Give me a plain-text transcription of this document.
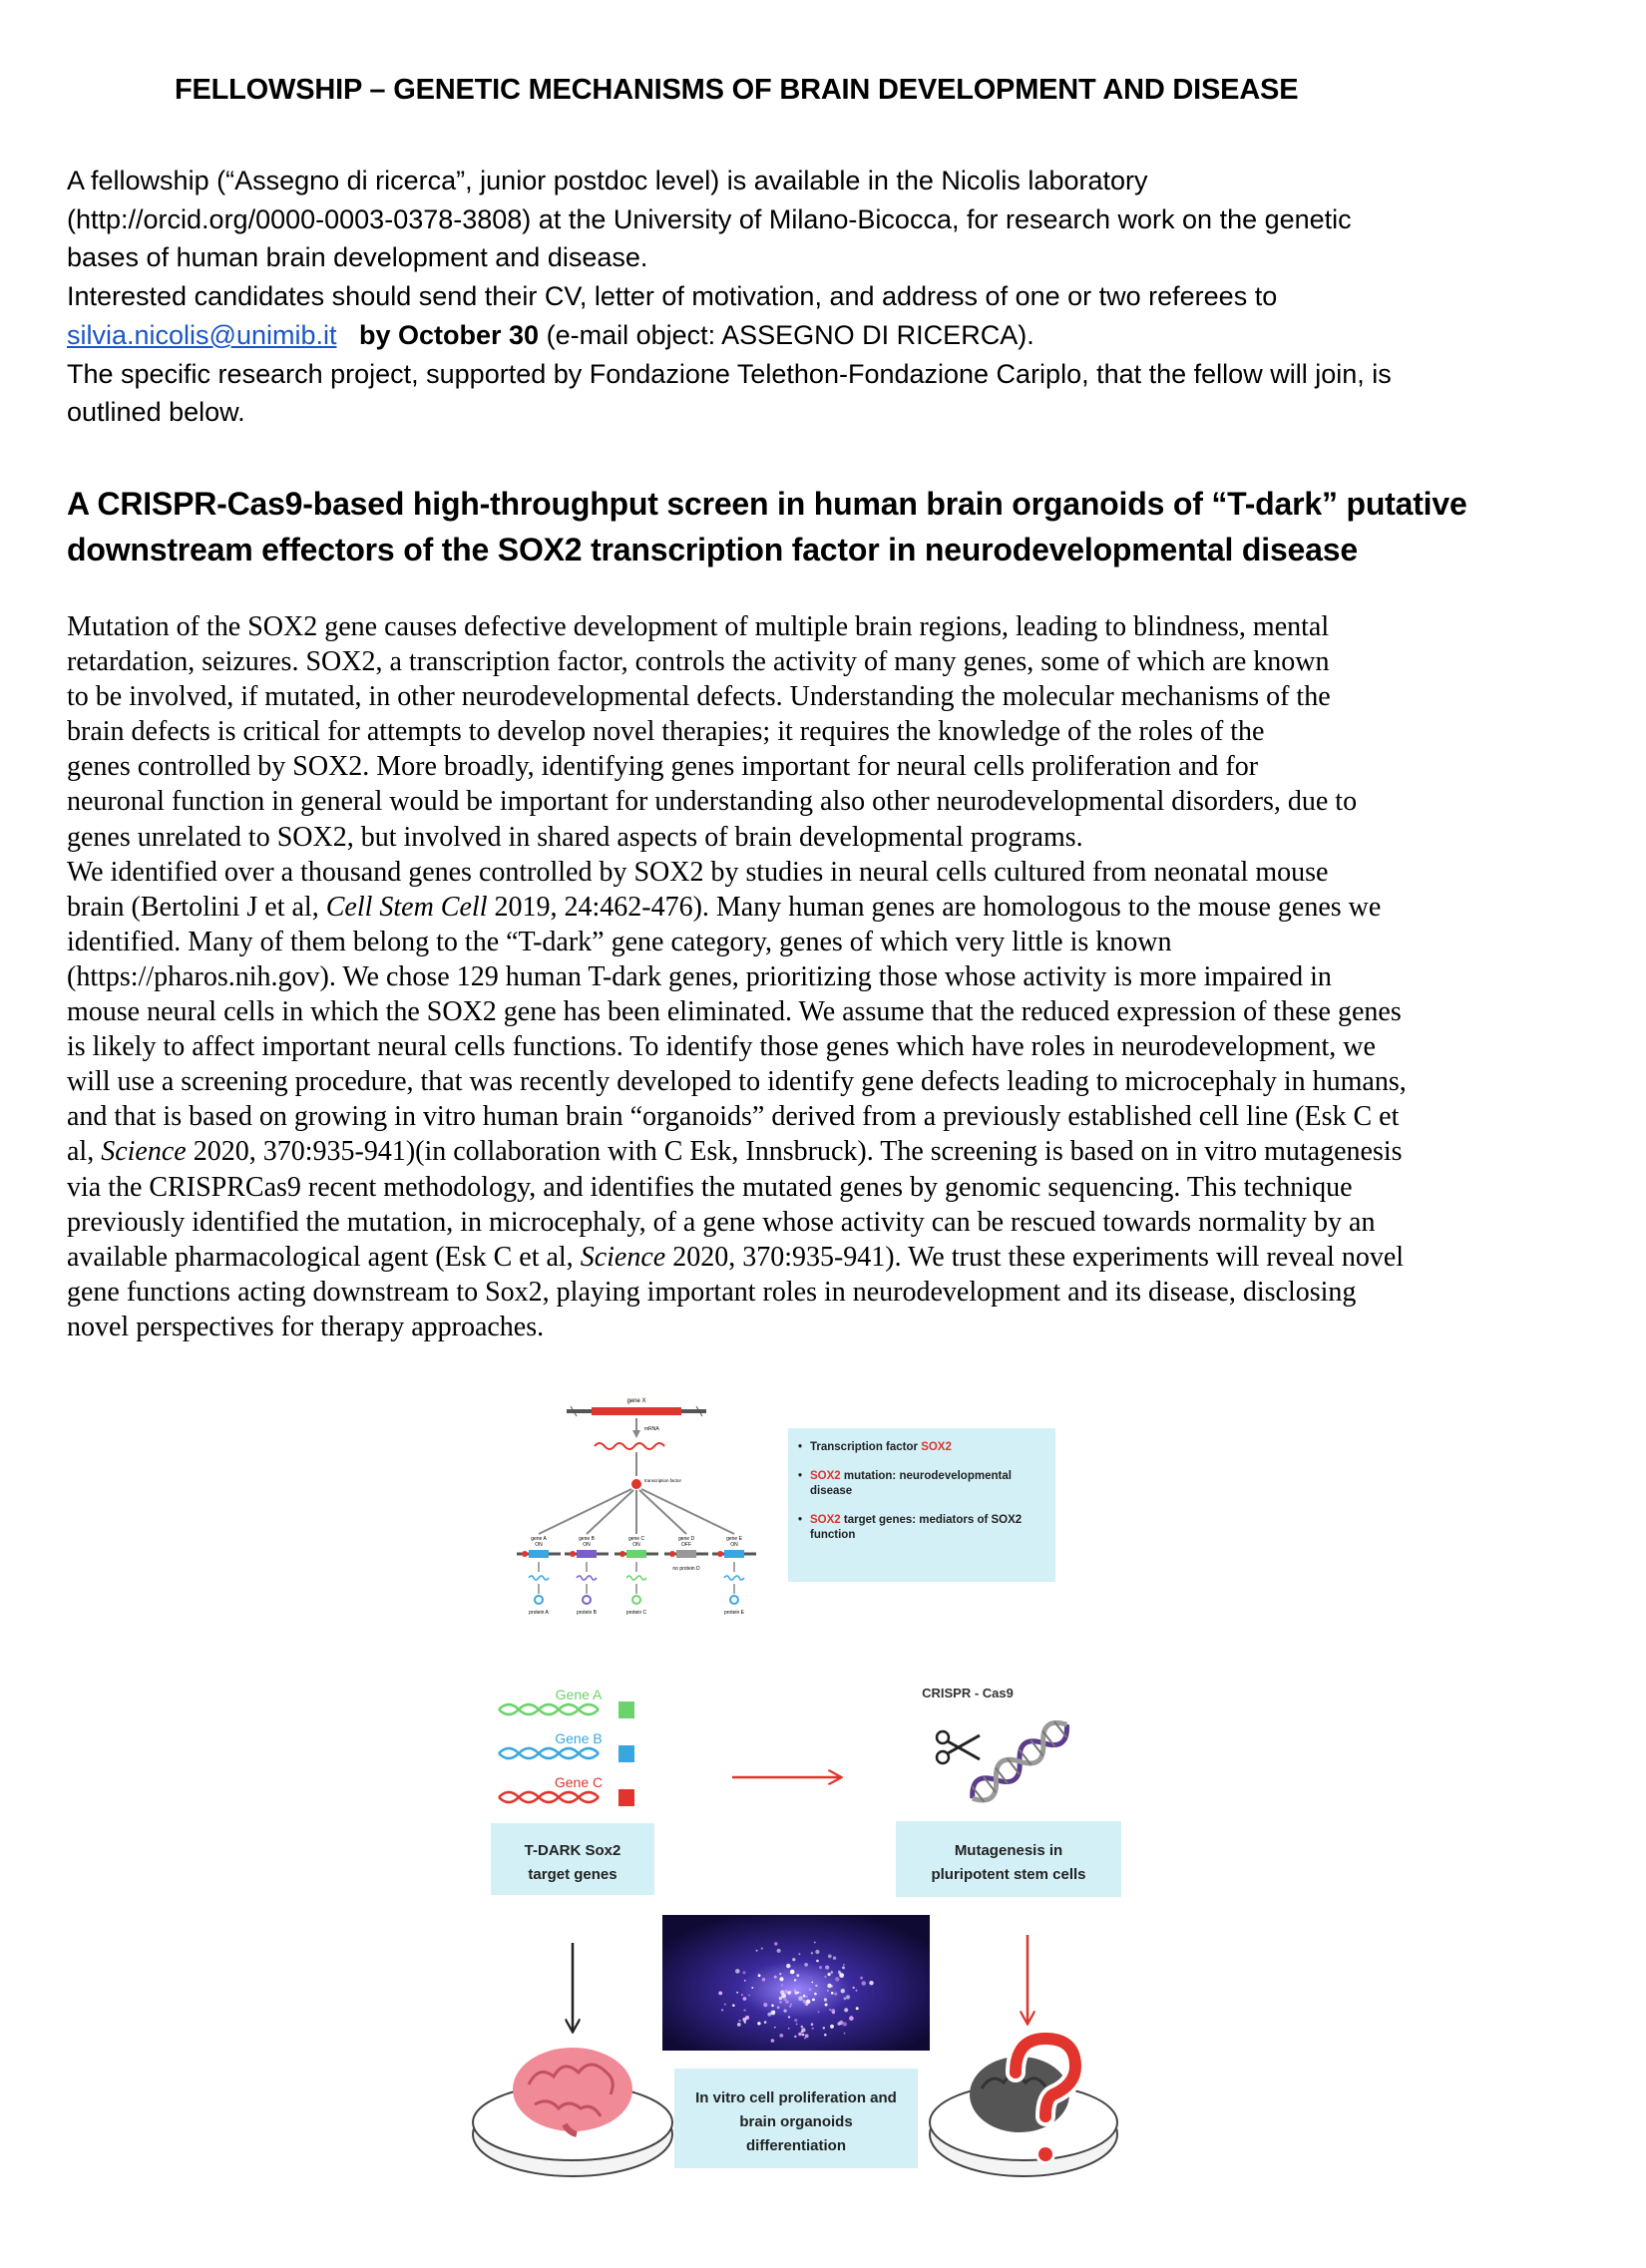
FELLOWSHIP – GENETIC MECHANISMS OF BRAIN DEVELOPMENT AND DISEASE
A fellowship (“Assegno di ricerca”, junior postdoc level) is available in the Nicolis laboratory
(http://orcid.org/0000-0003-0378-3808) at the University of Milano-Bicocca, for research work on the genetic
bases of human brain development and disease.
Interested candidates should send their CV, letter of motivation, and address of one or two referees to
silvia.nicolis@unimib.it by October 30 (e-mail object: ASSEGNO DI RICERCA).
The specific research project, supported by Fondazione Telethon-Fondazione Cariplo, that the fellow will join, is
outlined below.
A CRISPR-Cas9-based high-throughput screen in human brain organoids of “T-dark” putative
downstream effectors of the SOX2 transcription factor in neurodevelopmental disease
Mutation of the SOX2 gene causes defective development of multiple brain regions, leading to blindness, mental
retardation, seizures. SOX2, a transcription factor, controls the activity of many genes, some of which are known
to be involved, if mutated, in other neurodevelopmental defects. Understanding the molecular mechanisms of the
brain defects is critical for attempts to develop novel therapies; it requires the knowledge of the roles of the
genes controlled by SOX2. More broadly, identifying genes important for neural cells proliferation and for
neuronal function in general would be important for understanding also other neurodevelopmental disorders, due to
genes unrelated to SOX2, but involved in shared aspects of brain developmental programs.
We identified over a thousand genes controlled by SOX2 by studies in neural cells cultured from neonatal mouse
brain (Bertolini J et al, Cell Stem Cell 2019, 24:462-476). Many human genes are homologous to the mouse genes we
identified. Many of them belong to the “T-dark” gene category, genes of which very little is known
(https://pharos.nih.gov). We chose 129 human T-dark genes, prioritizing those whose activity is more impaired in
mouse neural cells in which the SOX2 gene has been eliminated. We assume that the reduced expression of these genes
is likely to affect important neural cells functions. To identify those genes which have roles in neurodevelopment, we
will use a screening procedure, that was recently developed to identify gene defects leading to microcephaly in humans,
and that is based on growing in vitro human brain “organoids” derived from a previously established cell line (Esk C et
al, Science 2020, 370:935-941)(in collaboration with C Esk, Innsbruck). The screening is based on in vitro mutagenesis
via the CRISPRCas9 recent methodology, and identifies the mutated genes by genomic sequencing. This technique
previously identified the mutation, in microcephaly, of a gene whose activity can be rescued towards normality by an
available pharmacological agent (Esk C et al, Science 2020, 370:935-941). We trust these experiments will reveal novel
gene functions acting downstream to Sox2, playing important roles in neurodevelopment and its disease, disclosing
novel perspectives for therapy approaches.
gene X
mRNA
transcription factor
gene A
ON
protein A
gene B
ON
protein B
gene C
ON
protein C
gene D
OFF
no protein D
gene E
ON
protein E
• Transcription factor SOX2
• SOX2 mutation: neurodevelopmental disease
• SOX2 target genes: mediators of SOX2 function
Gene A
Gene B
Gene C
T-DARK Sox2
target genes
CRISPR - Cas9
Mutagenesis in
pluripotent stem cells
In vitro cell proliferation and
brain organoids
differentiation
